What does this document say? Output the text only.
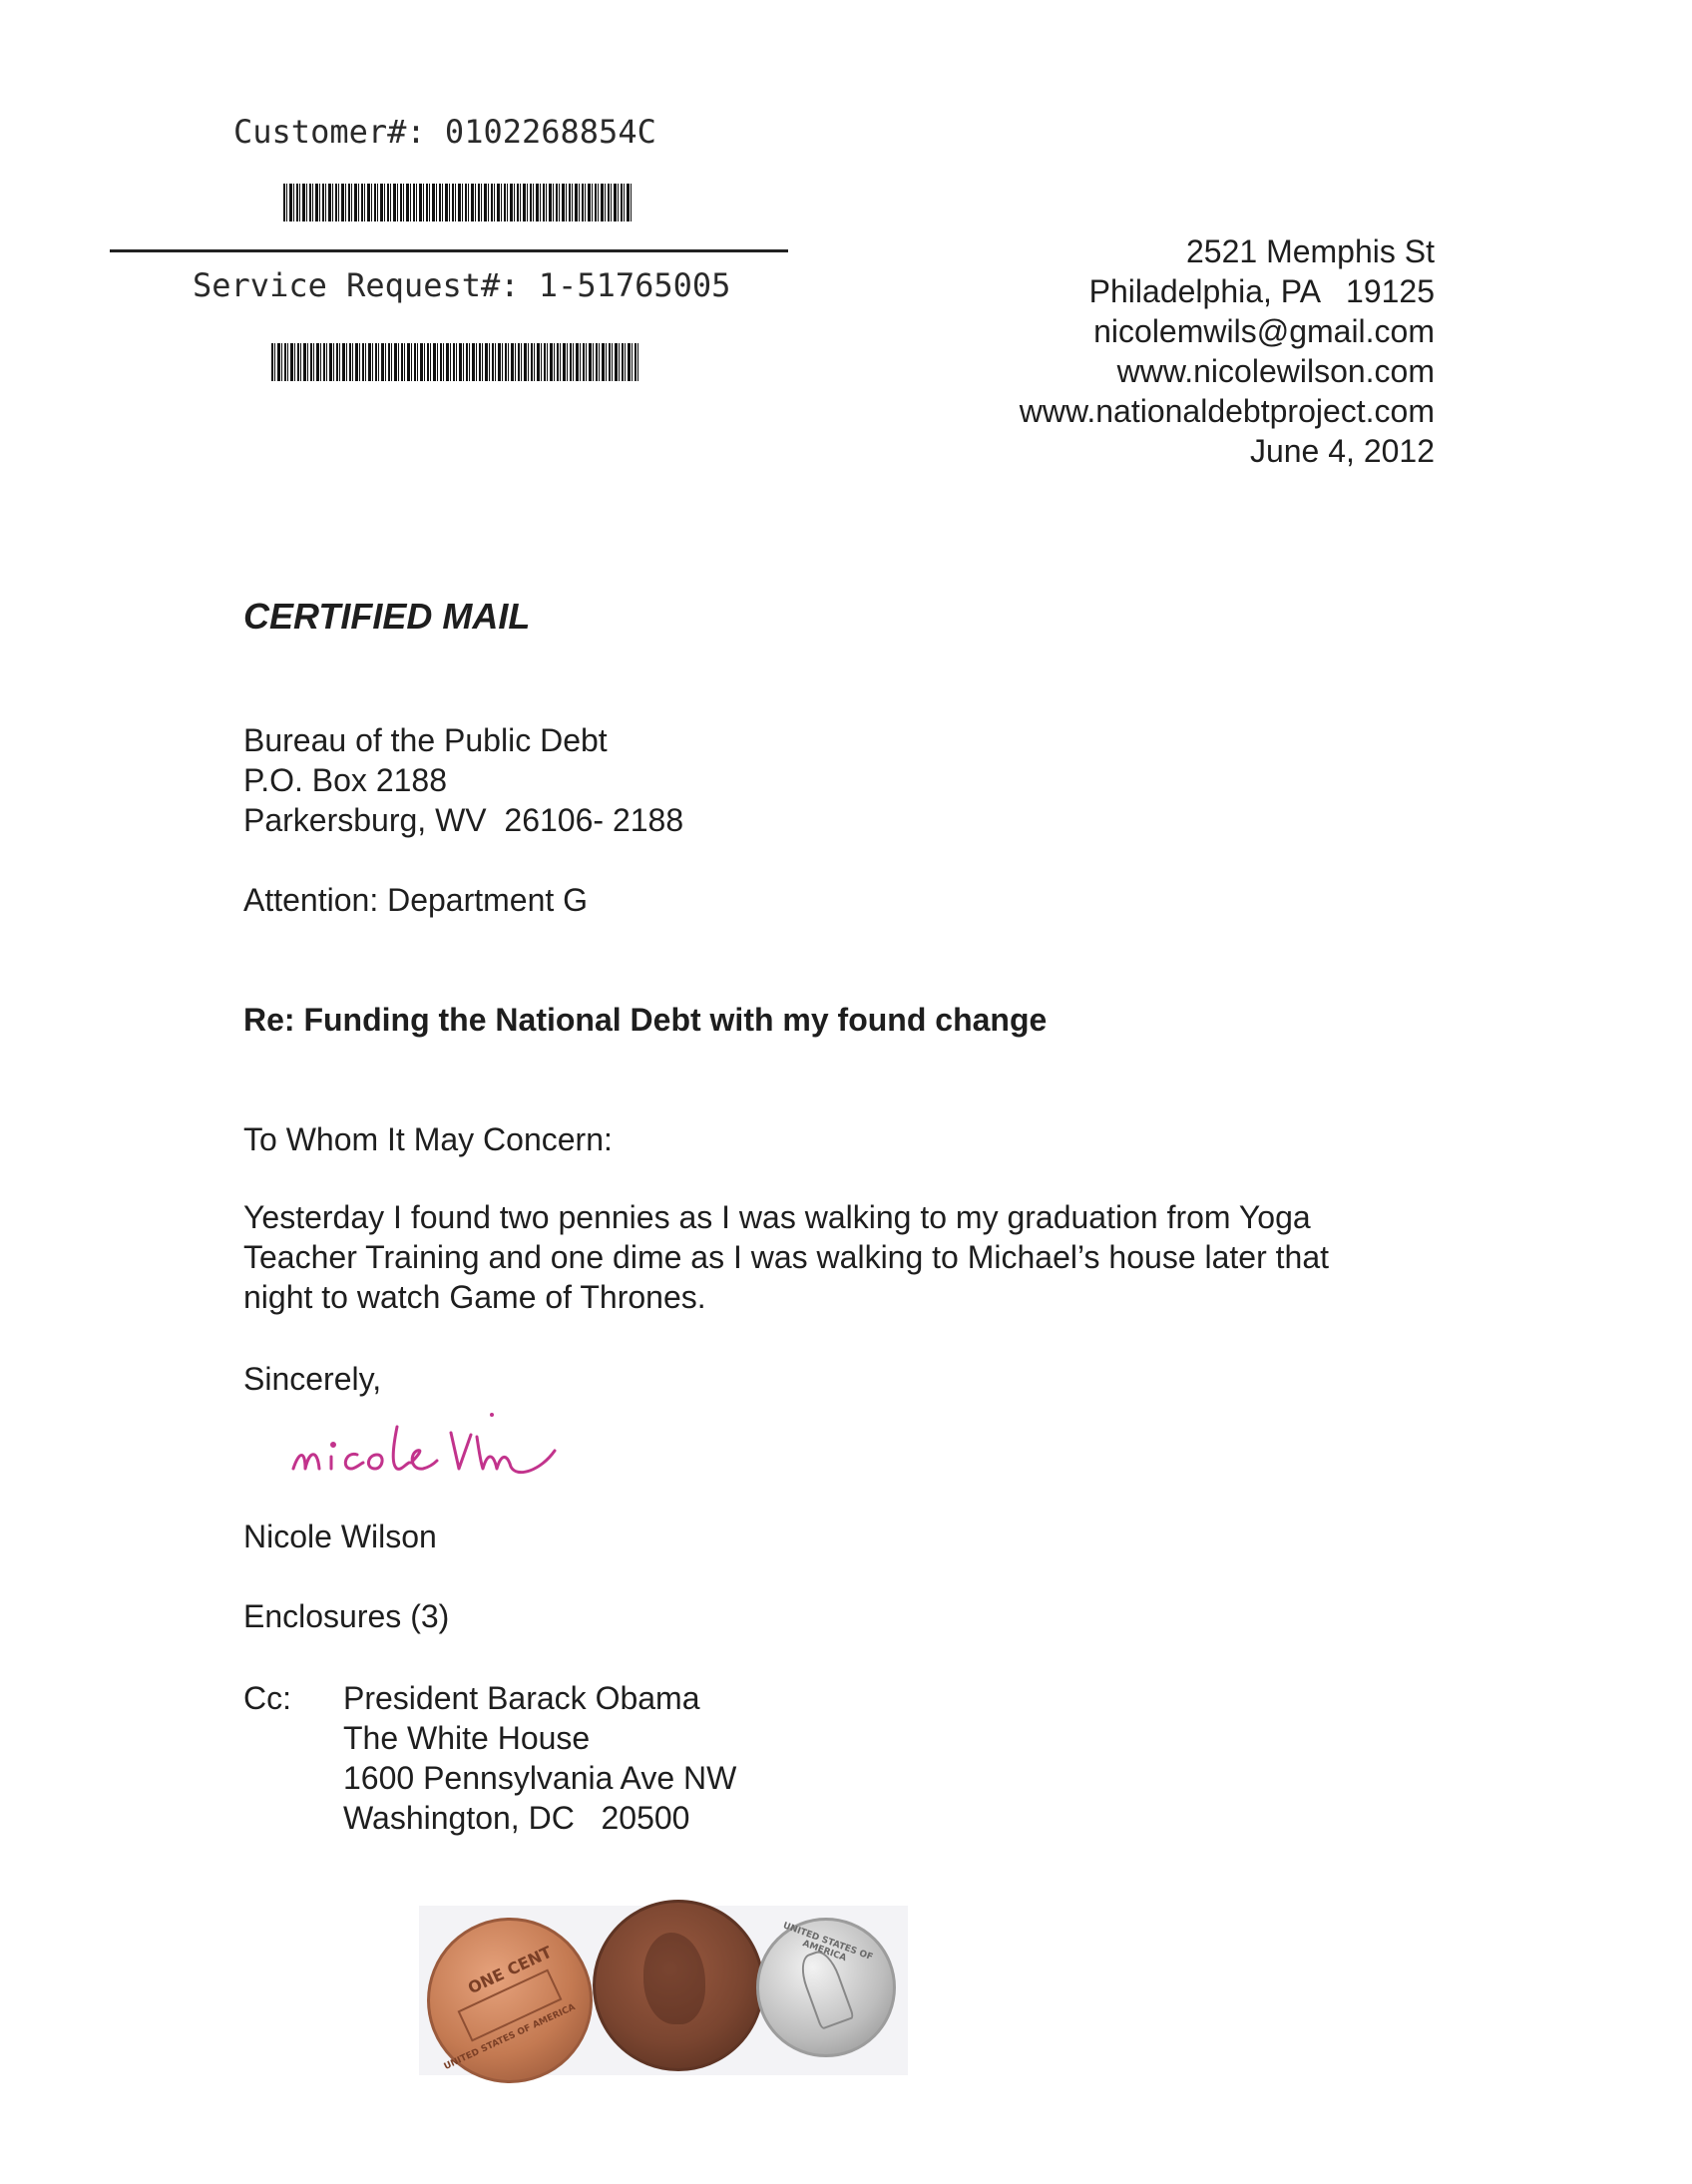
Customer#: 0102268854C
Service Request#: 1-51765005
2521 Memphis St
Philadelphia, PA   19125
nicolemwils@gmail.com
www.nicolewilson.com
www.nationaldebtproject.com
June 4, 2012
CERTIFIED MAIL
Bureau of the Public Debt
P.O. Box 2188
Parkersburg, WV  26106- 2188
Attention: Department G
Re: Funding the National Debt with my found change
To Whom It May Concern:
Yesterday I found two pennies as I was walking to my graduation from Yoga
Teacher Training and one dime as I was walking to Michael’s house later that
night to watch Game of Thrones.
Sincerely,
Nicole Wilson
Enclosures (3)
Cc: President Barack Obama
The White House
1600 Pennsylvania Ave NW
Washington, DC   20500
ONE CENT
UNITED STATES OF AMERICA
UNITED STATES OF AMERICA
